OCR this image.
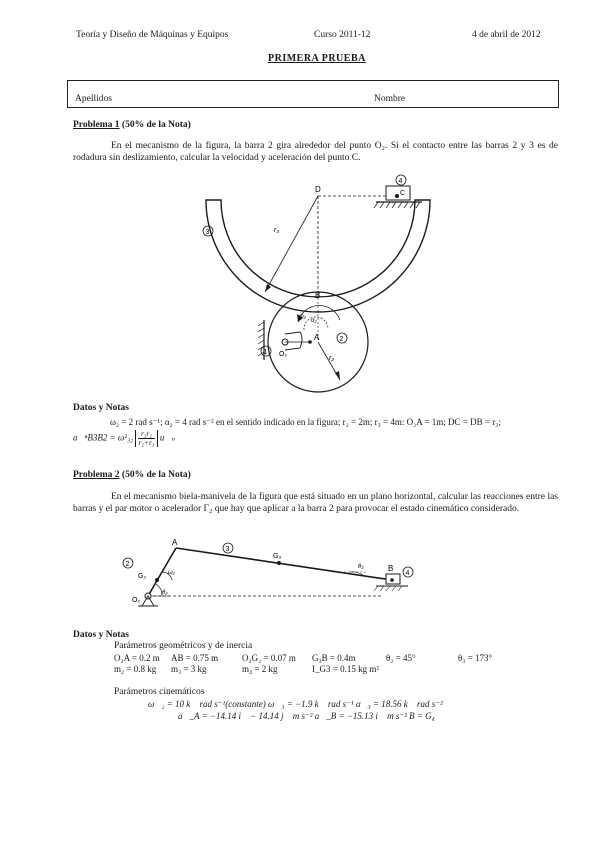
Teoría y Diseño de Máquinas y Equipos	Curso 2011-12	4 de abril de 2012
PRIMERA PRUEBA
Apellidos	Nombre
Problema 1 (50% de la Nota)
En el mecanismo de la figura, la barra 2 gira alrededor del punto O₂. Si el contacto entre las barras 2 y 3 es de rodadura sin deslizamiento, calcular la velocidad y aceleración del punto C.
D	C
B
A
O₂
r₃
r₂
ω₂
α₂
1
2
3
4
Datos y Notas
ω₂ = 2 rad s⁻¹; α₂ = 4 rad s⁻² en el sentido indicado en la figura; r₂ = 2m; r₃ = 4m: O₂A = 1m; DC = DB = r₃;
a⃗ⁿB3B2 = $\omega^2_{32} \frac{\text{r₃r₂}}{\text{r₂+r₃}}$ u⃗ₙ
Problema 2 (50% de la Nota)
En el mecanismo biela-manivela de la figura que está situado en un plano horizontal, calcular las reacciones entre las barras y el par motor o acelerador Γ₂ que hay que aplicar a la barra 2 para provocar el estado cinemático considerado.
A
B
O₂
G₂
G₃
θ₂
θ₃
ω₂
2
3
4
Datos y Notas
Parámetros geométricos y de inercia
O₂A = 0.2 m AB = 0.75 m	O₂G₂ = 0.07 m G₃B = 0.4m	θ₂ = 45°	θ₃ = 173°
m₂ = 0.8 kg m₃ = 3 kg	m₄ = 2 kg	I_G3 = 0.15 kg m²
Parámetros cinemáticos
ω⃗₂ = 10 k⃗ rad s⁻¹(constante) ω⃗₃ = −1.9 k⃗ rad s⁻¹ α⃗₃ = 18.56 k⃗ rad s⁻²
a⃗_A = −14.14 i⃗ − 14.14 j⃗ m s⁻² a⃗_B = −15.13 i⃗ m s⁻² B = G₄
